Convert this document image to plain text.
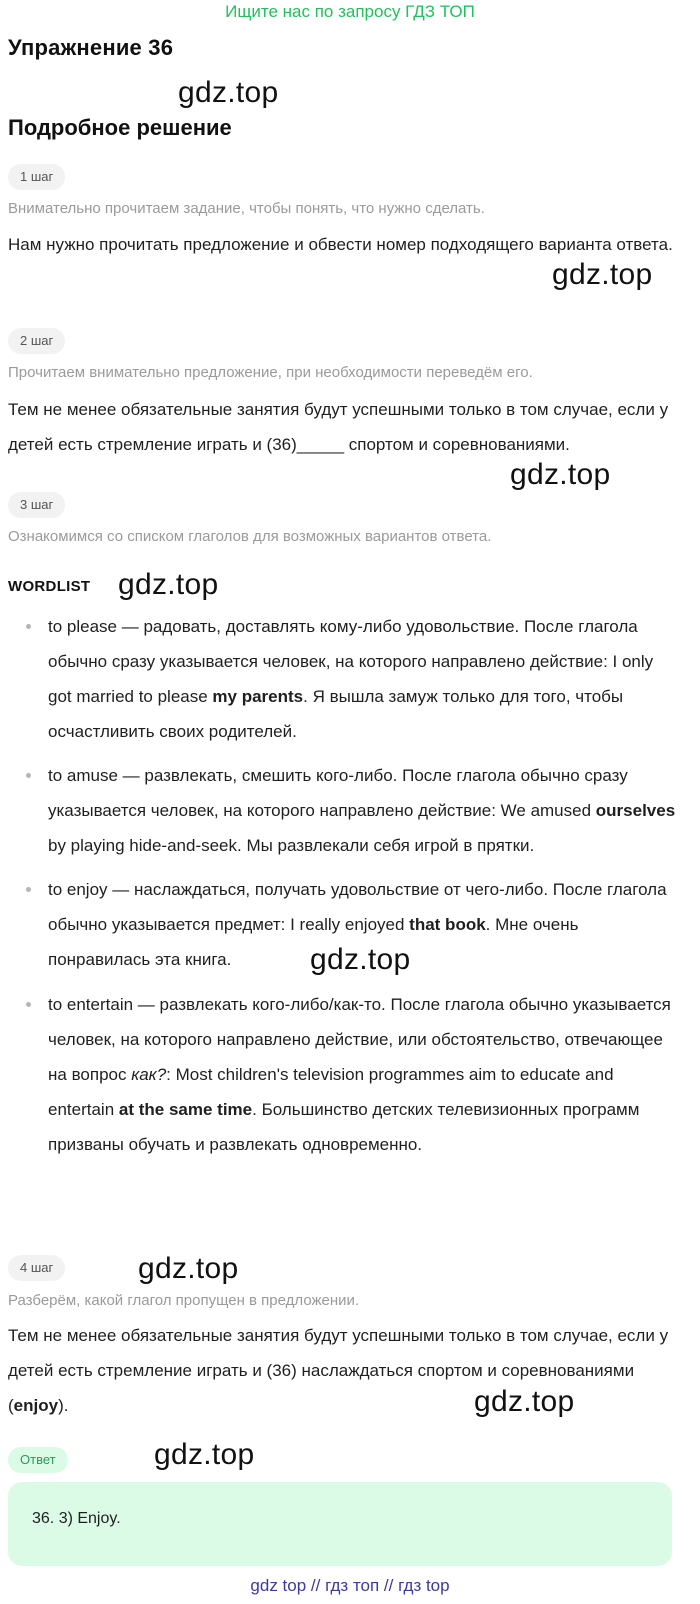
Ищите нас по запросу ГДЗ ТОП
Упражнение 36
gdz.top
Подробное решение
1 шаг
Внимательно прочитаем задание, чтобы понять, что нужно сделать.
Нам нужно прочитать предложение и обвести номер подходящего варианта ответа.
gdz.top
2 шаг
Прочитаем внимательно предложение, при необходимости переведём его.
Тем не менее обязательные занятия будут успешными только в том случае, если у детей есть стремление играть и (36)_____ спортом и соревнованиями.
gdz.top
3 шаг
Ознакомимся со списком глаголов для возможных вариантов ответа.
WORDLIST gdz.top
to please — радовать, доставлять кому-либо удовольствие. После глагола обычно сразу указывается человек, на которого направлено действие: I only got married to please my parents. Я вышла замуж только для того, чтобы осчастливить своих родителей.
to amuse — развлекать, смешить кого-либо. После глагола обычно сразу указывается человек, на которого направлено действие: We amused ourselves by playing hide-and-seek. Мы развлекали себя игрой в прятки.
to enjoy — наслаждаться, получать удовольствие от чего-либо. После глагола обычно указывается предмет: I really enjoyed that book. Мне очень понравилась эта книга.	gdz.top
to entertain — развлекать кого-либо/как-то. После глагола обычно указывается человек, на которого направлено действие, или обстоятельство, отвечающее на вопрос как?: Most children's television programmes aim to educate and entertain at the same time. Большинство детских телевизионных программ призваны обучать и развлекать одновременно.
4 шаг	gdz.top
Разберём, какой глагол пропущен в предложении.
Тем не менее обязательные занятия будут успешными только в том случае, если у детей есть стремление играть и (36) наслаждаться спортом и соревнованиями (enjoy).	gdz.top
Ответ	gdz.top
36. 3) Enjoy.
gdz top // гдз топ // гдз top
